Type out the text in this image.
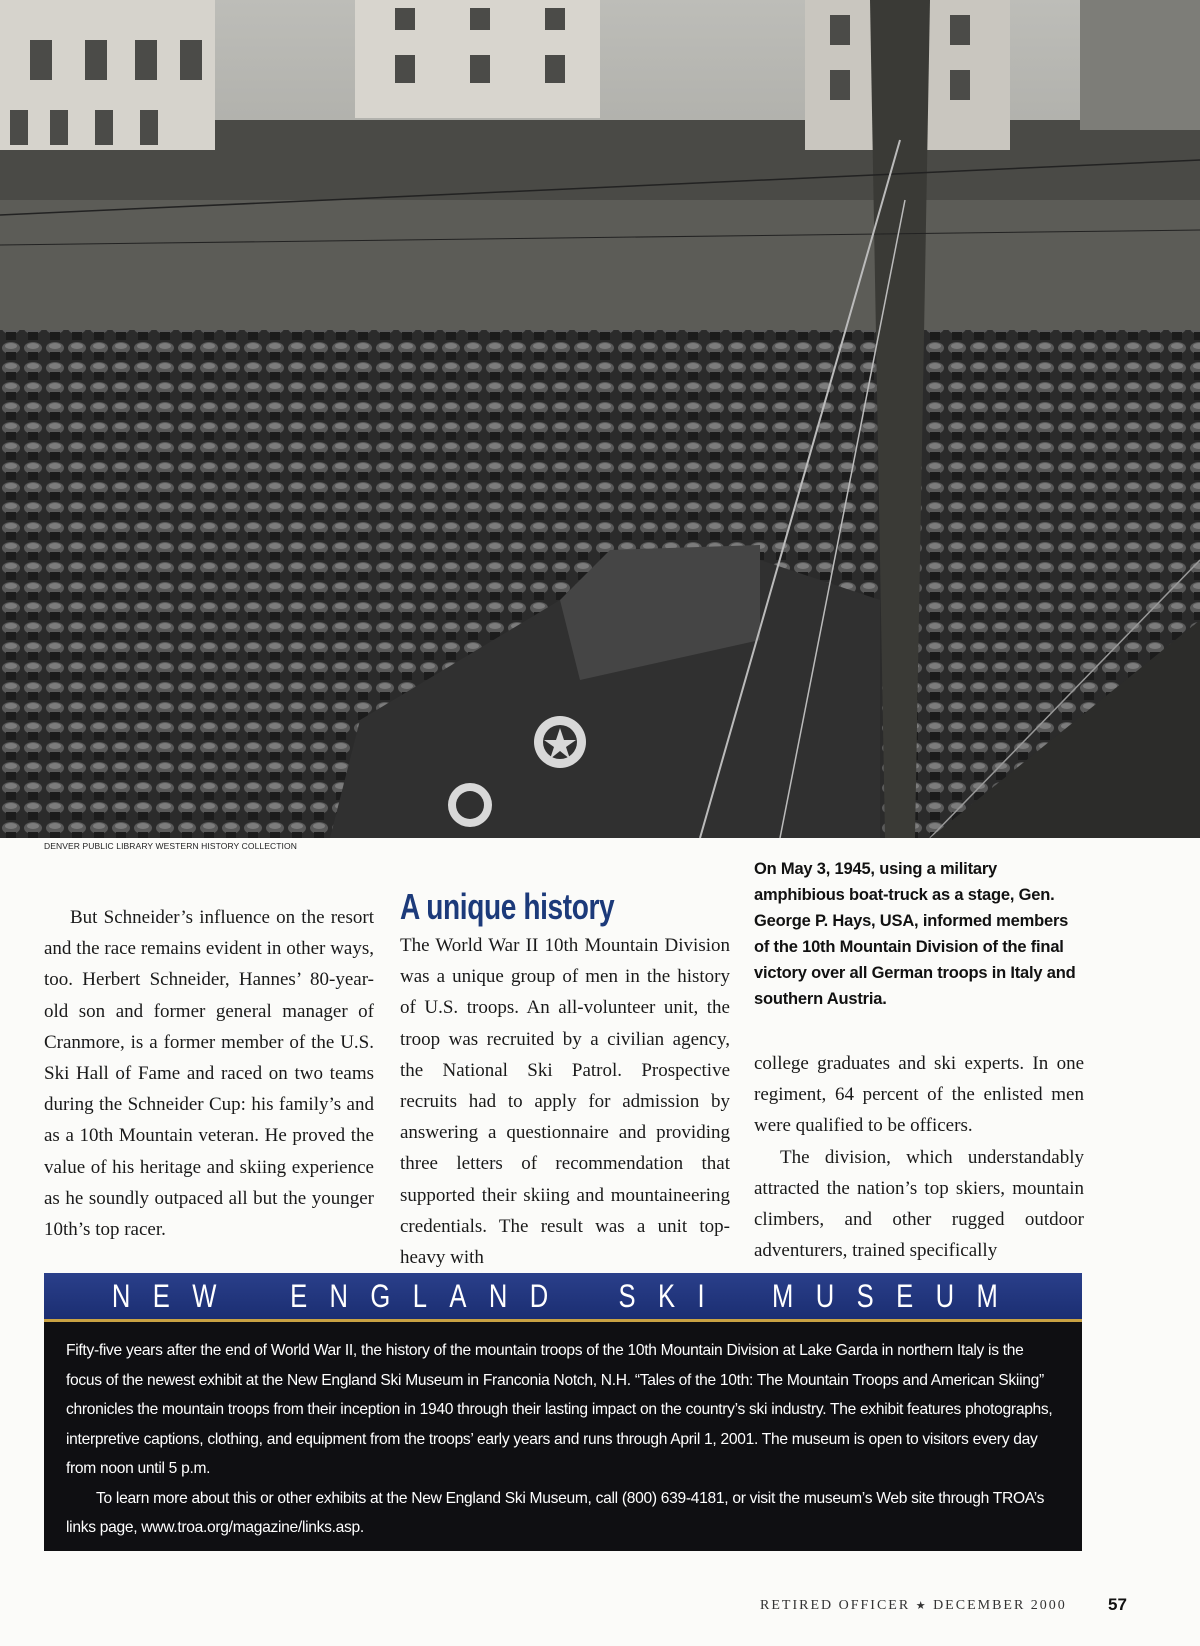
DENVER PUBLIC LIBRARY WESTERN HISTORY COLLECTION

But Schneider’s influence on the resort and the race remains evident in other ways, too. Herbert Schneider, Hannes’ 80-year-old son and former general manager of Cranmore, is a former member of the U.S. Ski Hall of Fame and raced on two teams during the Schneider Cup: his family’s and as a 10th Mountain veteran. He proved the value of his heritage and skiing experience as he soundly outpaced all but the younger 10th’s top racer.

A unique history

The World War II 10th Mountain Division was a unique group of men in the history of U.S. troops. An all-volunteer unit, the troop was recruited by a civilian agency, the National Ski Patrol. Prospective recruits had to apply for admission by answering a questionnaire and providing three letters of recommendation that supported their skiing and mountaineering credentials. The result was a unit top-heavy with

On May 3, 1945, using a military amphibious boat-truck as a stage, Gen. George P. Hays, USA, informed members of the 10th Mountain Division of the final victory over all German troops in Italy and southern Austria.

college graduates and ski experts. In one regiment, 64 percent of the enlisted men were qualified to be officers.

The division, which understandably attracted the nation’s top skiers, mountain climbers, and other rugged outdoor adventurers, trained specifically

NEW ENGLAND SKI MUSEUM

Fifty-five years after the end of World War II, the history of the mountain troops of the 10th Mountain Division at Lake Garda in northern Italy is the focus of the newest exhibit at the New England Ski Museum in Franconia Notch, N.H. “Tales of the 10th: The Mountain Troops and American Skiing” chronicles the mountain troops from their inception in 1940 through their lasting impact on the country’s ski industry. The exhibit features photographs, interpretive captions, clothing, and equipment from the troops’ early years and runs through April 1, 2001. The museum is open to visitors every day from noon until 5 p.m.

To learn more about this or other exhibits at the New England Ski Museum, call (800) 639-4181, or visit the museum’s Web site through TROA’s links page, www.troa.org/magazine/links.asp.

RETIRED OFFICER ★ DECEMBER 2000	57
